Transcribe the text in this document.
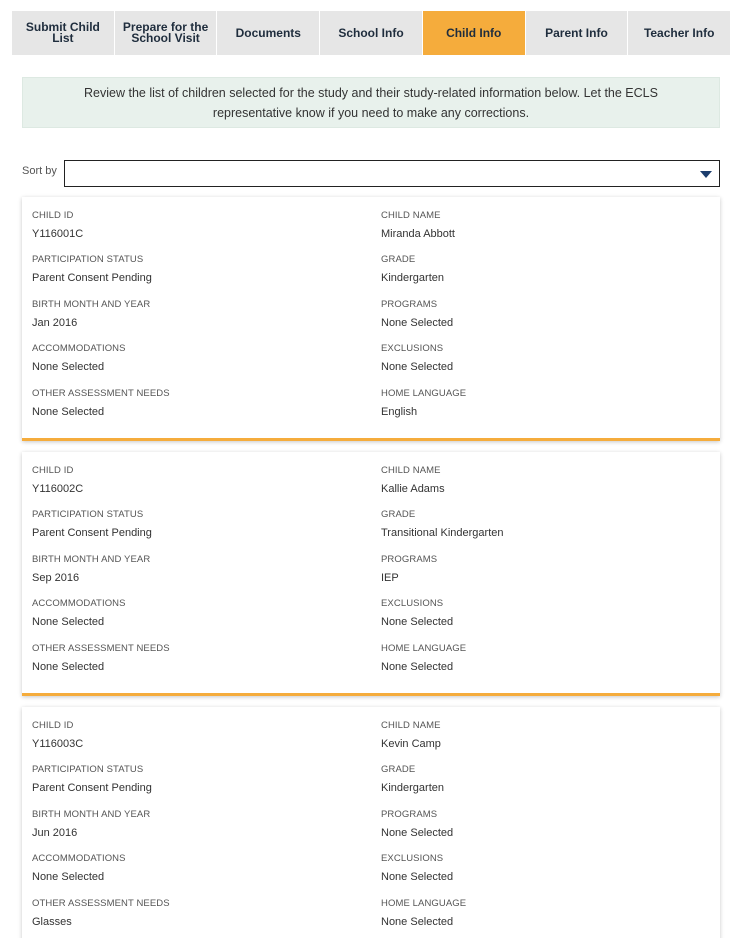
Submit Child List
Prepare for the School Visit	Documents	School Info	Child Info	Parent Info	Teacher Info
Review the list of children selected for the study and their study-related information below. Let the ECLS representative know if you need to make any corrections.
Sort by
CHILD ID
Y116001C
CHILD NAME
Miranda Abbott
PARTICIPATION STATUS
Parent Consent Pending
GRADE
Kindergarten
BIRTH MONTH AND YEAR
Jan 2016
PROGRAMS
None Selected
ACCOMMODATIONS
None Selected
EXCLUSIONS
None Selected
OTHER ASSESSMENT NEEDS
None Selected
HOME LANGUAGE
English
CHILD ID
Y116002C
CHILD NAME
Kallie Adams
PARTICIPATION STATUS
Parent Consent Pending
GRADE
Transitional Kindergarten
BIRTH MONTH AND YEAR
Sep 2016
PROGRAMS
IEP
ACCOMMODATIONS
None Selected
EXCLUSIONS
None Selected
OTHER ASSESSMENT NEEDS
None Selected
HOME LANGUAGE
None Selected
CHILD ID
Y116003C
CHILD NAME
Kevin Camp
PARTICIPATION STATUS
Parent Consent Pending
GRADE
Kindergarten
BIRTH MONTH AND YEAR
Jun 2016
PROGRAMS
None Selected
ACCOMMODATIONS
None Selected
EXCLUSIONS
None Selected
OTHER ASSESSMENT NEEDS
Glasses
HOME LANGUAGE
None Selected
